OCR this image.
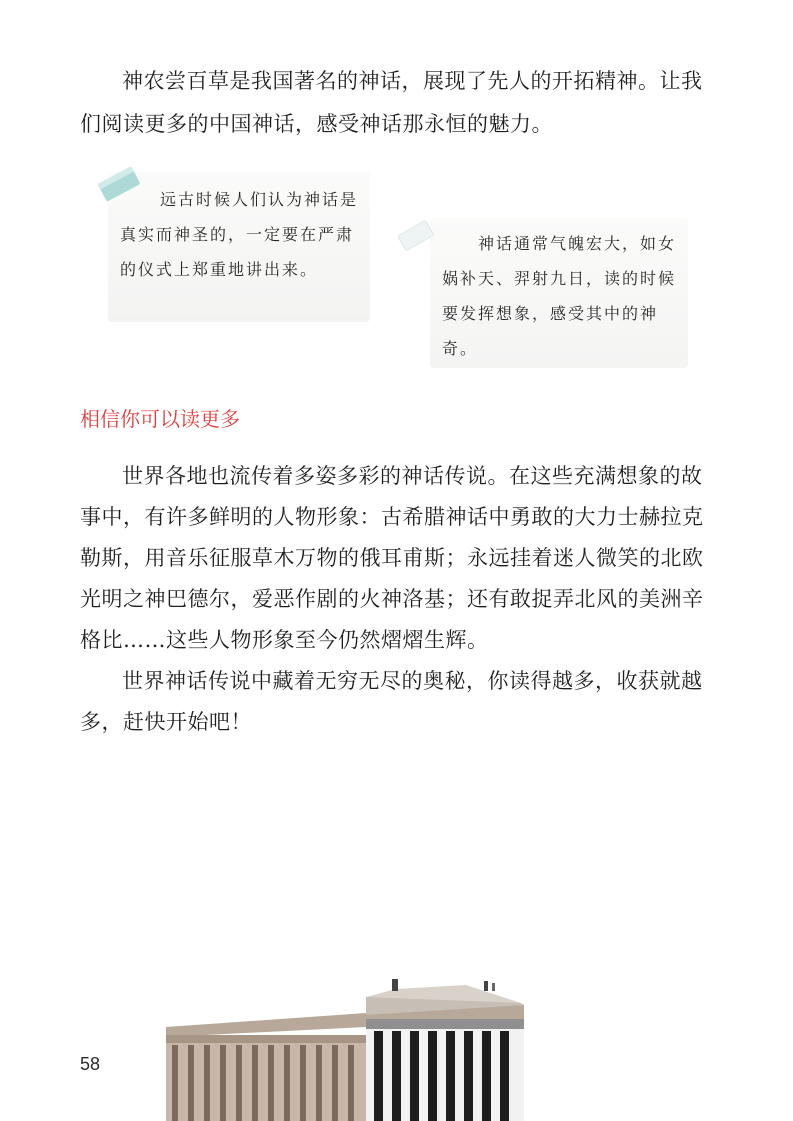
神农尝百草是我国著名的神话，展现了先人的开拓精神。让我们阅读更多的中国神话，感受神话那永恒的魅力。

远古时候人们认为神话是真实而神圣的，一定要在严肃的仪式上郑重地讲出来。

神话通常气魄宏大，如女娲补天、羿射九日，读的时候要发挥想象，感受其中的神奇。

相信你可以读更多

世界各地也流传着多姿多彩的神话传说。在这些充满想象的故事中，有许多鲜明的人物形象：古希腊神话中勇敢的大力士赫拉克勒斯，用音乐征服草木万物的俄耳甫斯；永远挂着迷人微笑的北欧光明之神巴德尔，爱恶作剧的火神洛基；还有敢捉弄北风的美洲辛格比……这些人物形象至今仍然熠熠生辉。

世界神话传说中藏着无穷无尽的奥秘，你读得越多，收获就越多，赶快开始吧！

58
